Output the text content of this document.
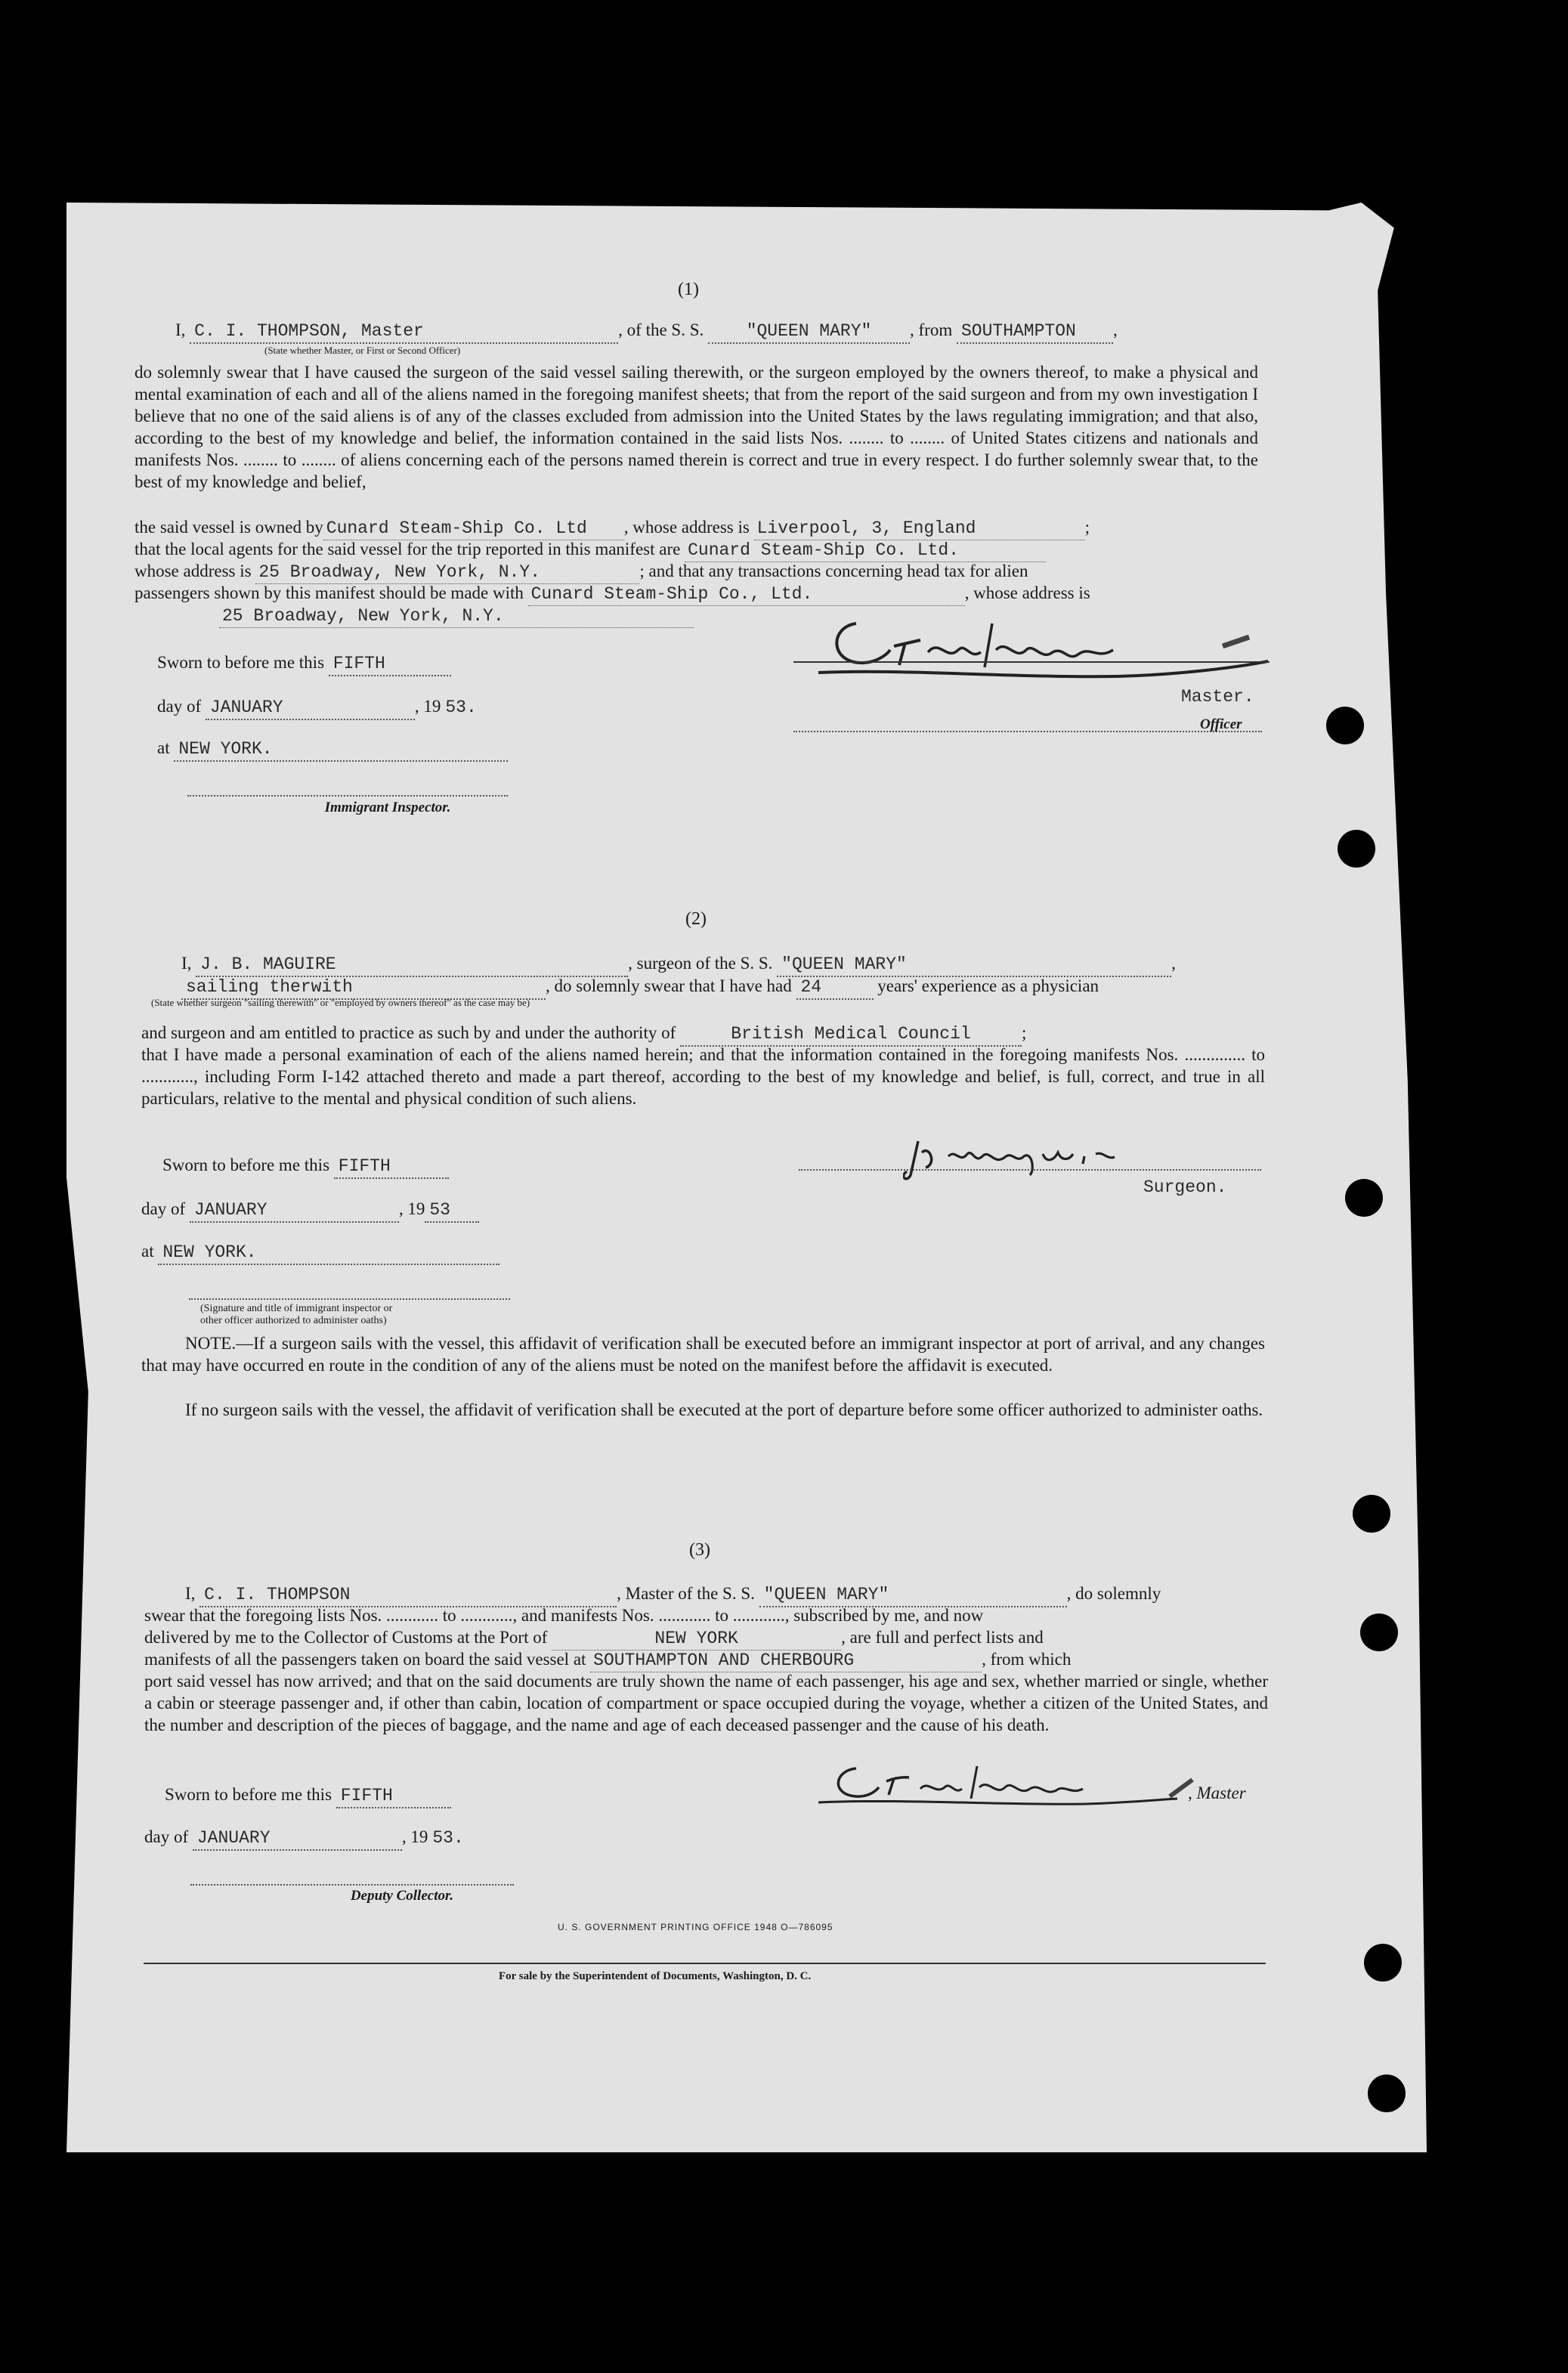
(1)
I, C. I. THOMPSON, Master	, of the S. S. "QUEEN MARY" , from SOUTHAMPTON ,
(State whether Master, or First or Second Officer)
do solemnly swear that I have caused the surgeon of the said vessel sailing therewith, or the surgeon employed by the owners thereof, to make a physical and mental examination of each and all of the aliens named in the foregoing manifest sheets; that from the report of the said surgeon and from my own investigation I believe that no one of the said aliens is of any of the classes excluded from admission into the United States by the laws regulating immigration; and that also, according to the best of my knowledge and belief, the information contained in the said lists Nos. ........ to ........ of United States citizens and nationals and manifests Nos. ........ to ........ of aliens concerning each of the persons named therein is correct and true in every respect. I do further solemnly swear that, to the best of my knowledge and belief,
the said vessel is owned by Cunard Steam-Ship Co. Ltd , whose address is Liverpool, 3, England	;
that the local agents for the said vessel for the trip reported in this manifest are Cunard Steam-Ship Co. Ltd.
whose address is 25 Broadway, New York, N.Y.	; and that any transactions concerning head tax for alien
passengers shown by this manifest should be made with Cunard Steam-Ship Co., Ltd.	, whose address is
25 Broadway, New York, N.Y.
Sworn to before me this FIFTH
day of JANUARY	, 19 53.
at NEW YORK.
Immigrant Inspector.
Master.
Officer
(2)
I, J. B. MAGUIRE	, surgeon of the S. S. "QUEEN MARY"	,
sailing therwith	, do solemnly swear that I have had 24	years' experience as a physician
(State whether surgeon "sailing therewith" or "employed by owners thereof" as the case may be)
and surgeon and am entitled to practice as such by and under the authority of	British Medical Council	;
that I have made a personal examination of each of the aliens named herein; and that the information contained in the foregoing manifests Nos. .............. to ............, including Form I-142 attached thereto and made a part thereof, according to the best of my knowledge and belief, is full, correct, and true in all particulars, relative to the mental and physical condition of such aliens.
Sworn to before me this FIFTH
day of JANUARY	, 19 53
at NEW YORK.
(Signature and title of immigrant inspector or
other officer authorized to administer oaths)
Surgeon.
NOTE.—If a surgeon sails with the vessel, this affidavit of verification shall be executed before an immigrant inspector at port of arrival, and any changes that may have occurred en route in the condition of any of the aliens must be noted on the manifest before the affidavit is executed.
If no surgeon sails with the vessel, the affidavit of verification shall be executed at the port of departure before some officer authorized to administer oaths.
(3)
I, C. I. THOMPSON	, Master of the S. S. "QUEEN MARY"	, do solemnly
swear that the foregoing lists Nos. ............ to ............, and manifests Nos. ............ to ............, subscribed by me, and now
delivered by me to the Collector of Customs at the Port of	NEW YORK	, are full and perfect lists and
manifests of all the passengers taken on board the said vessel at SOUTHAMPTON AND CHERBOURG	, from which
port said vessel has now arrived; and that on the said documents are truly shown the name of each passenger, his age and sex, whether married or single, whether a cabin or steerage passenger and, if other than cabin, location of compartment or space occupied during the voyage, whether a citizen of the United States, and the number and description of the pieces of baggage, and the name and age of each deceased passenger and the cause of his death.
Sworn to before me this FIFTH
day of JANUARY	, 19 53.
Deputy Collector.
, Master
U. S. GOVERNMENT PRINTING OFFICE 1948 O—786095
For sale by the Superintendent of Documents, Washington, D. C.
